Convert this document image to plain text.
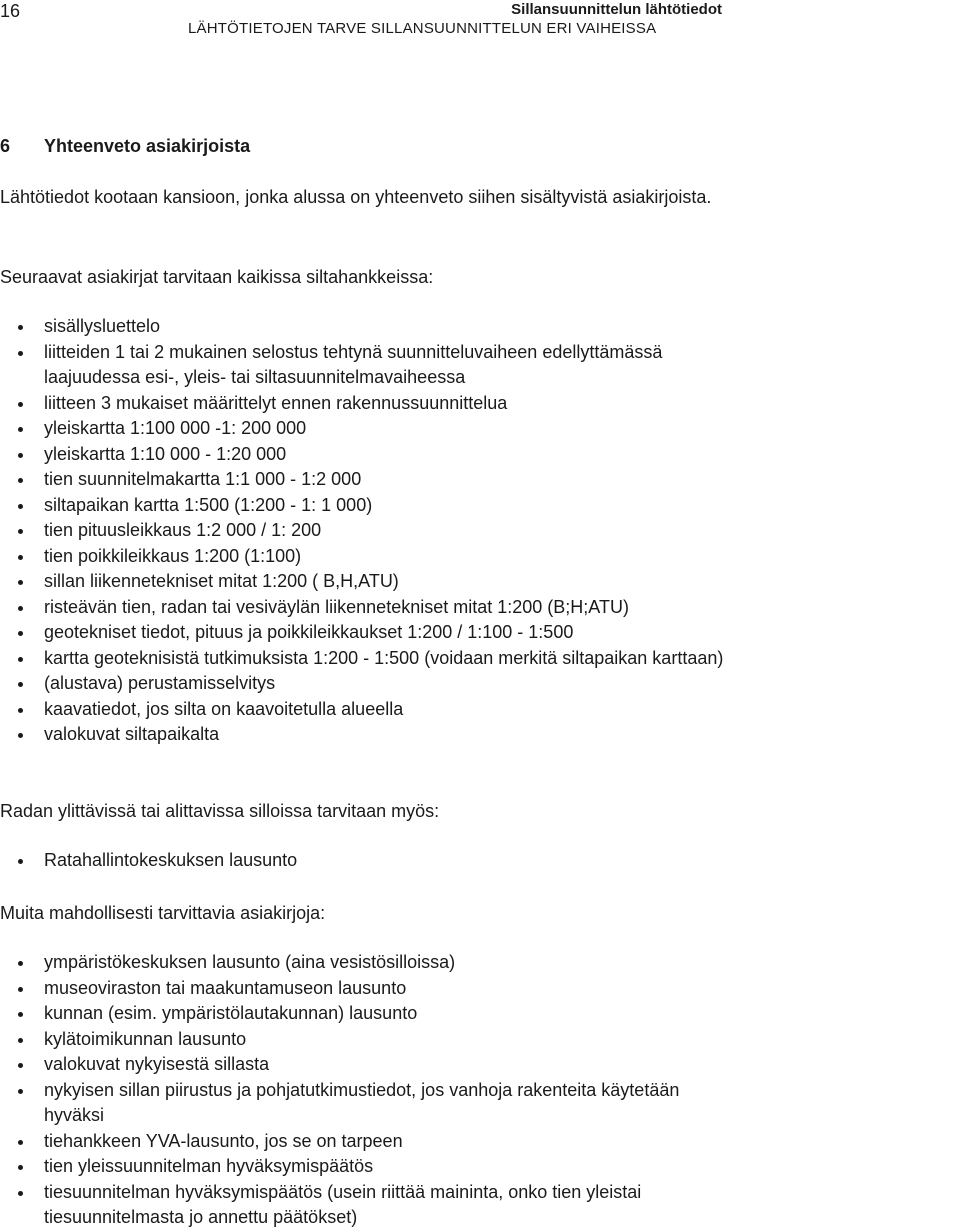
16	Sillansuunnittelun lähtötiedot
LÄHTÖTIETOJEN TARVE SILLANSUUNNITTELUN ERI VAIHEISSA
6 Yhteenveto asiakirjoista
Lähtötiedot kootaan kansioon, jonka alussa on yhteenveto siihen sisältyvistä asiakirjoista.
Seuraavat asiakirjat tarvitaan kaikissa siltahankkeissa:
sisällysluettelo
liitteiden 1 tai 2 mukainen selostus tehtynä suunnitteluvaiheen edellyttämässä laajuudessa esi-, yleis- tai siltasuunnitelmavaiheessa
liitteen 3 mukaiset määrittelyt ennen rakennussuunnittelua
yleiskartta 1:100 000 -1: 200 000
yleiskartta 1:10 000 - 1:20 000
tien suunnitelmakartta 1:1 000 - 1:2 000
siltapaikan kartta 1:500 (1:200 - 1: 1 000)
tien pituusleikkaus 1:2 000 / 1: 200
tien poikkileikkaus 1:200 (1:100)
sillan liikennetekniset mitat 1:200 ( B,H,ATU)
risteävän tien, radan tai vesiväylän liikennetekniset mitat 1:200 (B;H;ATU)
geotekniset tiedot, pituus ja poikkileikkaukset 1:200 / 1:100 - 1:500
kartta geoteknisistä tutkimuksista 1:200 - 1:500 (voidaan merkitä siltapaikan karttaan)
(alustava) perustamisselvitys
kaavatiedot, jos silta on kaavoitetulla alueella
valokuvat siltapaikalta
Radan ylittävissä tai alittavissa silloissa tarvitaan myös:
Ratahallintokeskuksen lausunto
Muita mahdollisesti tarvittavia asiakirjoja:
ympäristökeskuksen lausunto (aina vesistösilloissa)
museoviraston tai maakuntamuseon lausunto
kunnan (esim. ympäristölautakunnan) lausunto
kylätoimikunnan lausunto
valokuvat nykyisestä sillasta
nykyisen sillan piirustus ja pohjatutkimustiedot, jos vanhoja rakenteita käytetään hyväksi
tiehankkeen YVA-lausunto, jos se on tarpeen
tien yleissuunnitelman hyväksymispäätös
tiesuunnitelman hyväksymispäätös (usein riittää maininta, onko tien yleistai tiesuunnitelmasta jo annettu päätökset)
